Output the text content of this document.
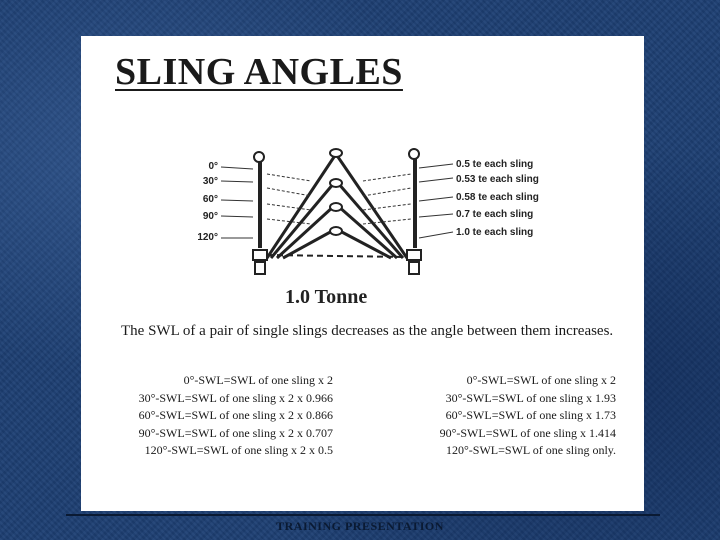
SLING ANGLES
0°
30°
60°
90°
120°
0.5 te each sling
0.53 te each sling
0.58 te each sling
0.7 te each sling
1.0 te each sling
1.0 Tonne
The SWL of a pair of single slings decreases as the angle between them increases.
0°-SWL=SWL of one sling x 2
30°-SWL=SWL of one sling x 2 x 0.966
60°-SWL=SWL of one sling x 2 x 0.866
90°-SWL=SWL of one sling x 2 x 0.707
120°-SWL=SWL of one sling x 2 x 0.5
0°-SWL=SWL of one sling x 2
30°-SWL=SWL of one sling x 1.93
60°-SWL=SWL of one sling x 1.73
90°-SWL=SWL of one sling x 1.414
120°-SWL=SWL of one sling only.
TRAINING PRESENTATION
